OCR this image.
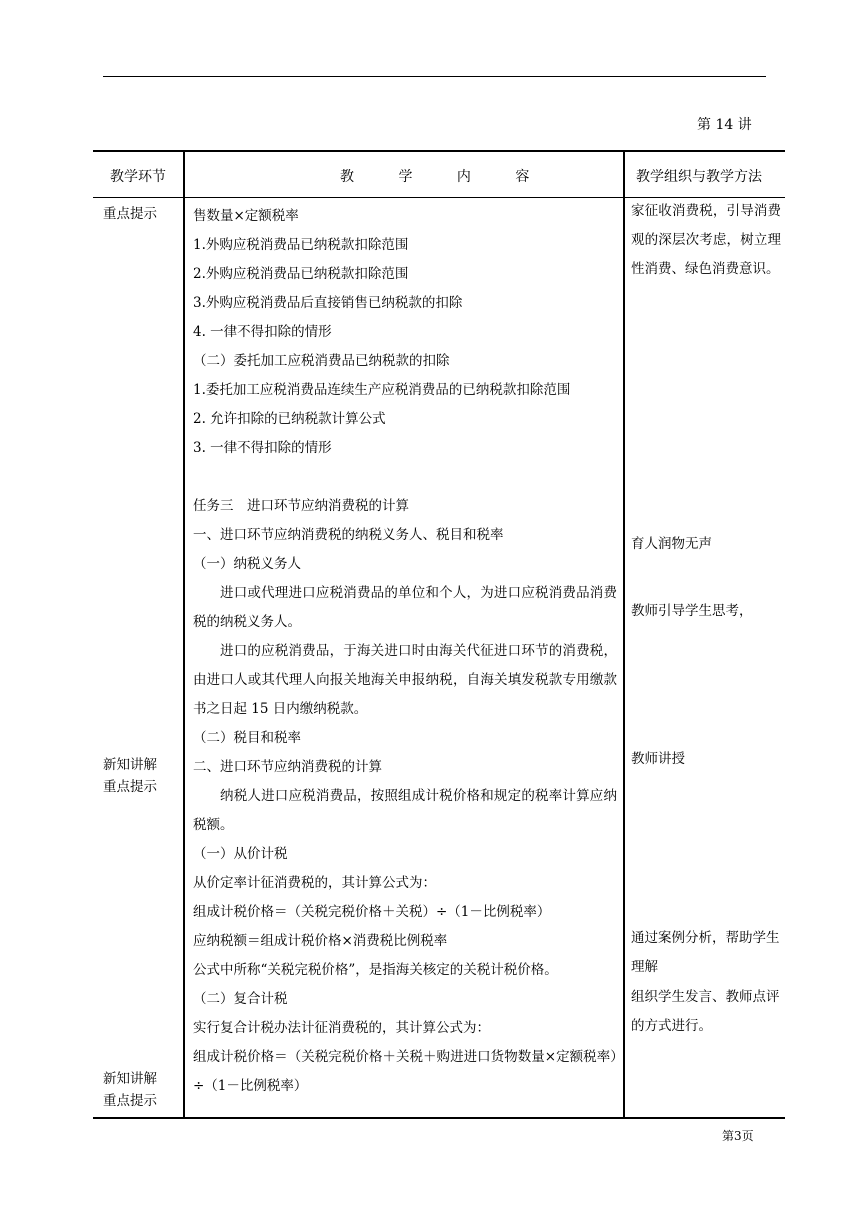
第 14 讲
教学环节	教 学 内 容	教学组织与教学方法
重点提示
新知讲解
重点提示
新知讲解
重点提示
售数量×定额税率
1.外购应税消费品已纳税款扣除范围
2.外购应税消费品已纳税款扣除范围
3.外购应税消费品后直接销售已纳税款的扣除
4. 一律不得扣除的情形
（二）委托加工应税消费品已纳税款的扣除
1.委托加工应税消费品连续生产应税消费品的已纳税款扣除范围
2. 允许扣除的已纳税款计算公式
3. 一律不得扣除的情形
任务三　进口环节应纳消费税的计算
一、进口环节应纳消费税的纳税义务人、税目和税率
（一）纳税义务人
进口或代理进口应税消费品的单位和个人，为进口应税消费品消费税的纳税义务人。
进口的应税消费品，于海关进口时由海关代征进口环节的消费税，由进口人或其代理人向报关地海关申报纳税，自海关填发税款专用缴款书之日起 15 日内缴纳税款。
（二）税目和税率
二、进口环节应纳消费税的计算
纳税人进口应税消费品，按照组成计税价格和规定的税率计算应纳税额。
（一）从价计税
从价定率计征消费税的，其计算公式为：
组成计税价格＝（关税完税价格＋关税）÷（1－比例税率）
应纳税额＝组成计税价格×消费税比例税率
公式中所称“关税完税价格”，是指海关核定的关税计税价格。
（二）复合计税
实行复合计税办法计征消费税的，其计算公式为：
组成计税价格＝（关税完税价格＋关税＋购进进口货物数量×定额税率）÷（1－比例税率）
家征收消费税，引导消费观的深层次考虑，树立理性消费、绿色消费意识。
育人润物无声
教师引导学生思考，
教师讲授
通过案例分析，帮助学生理解
组织学生发言、教师点评的方式进行。
第3页
